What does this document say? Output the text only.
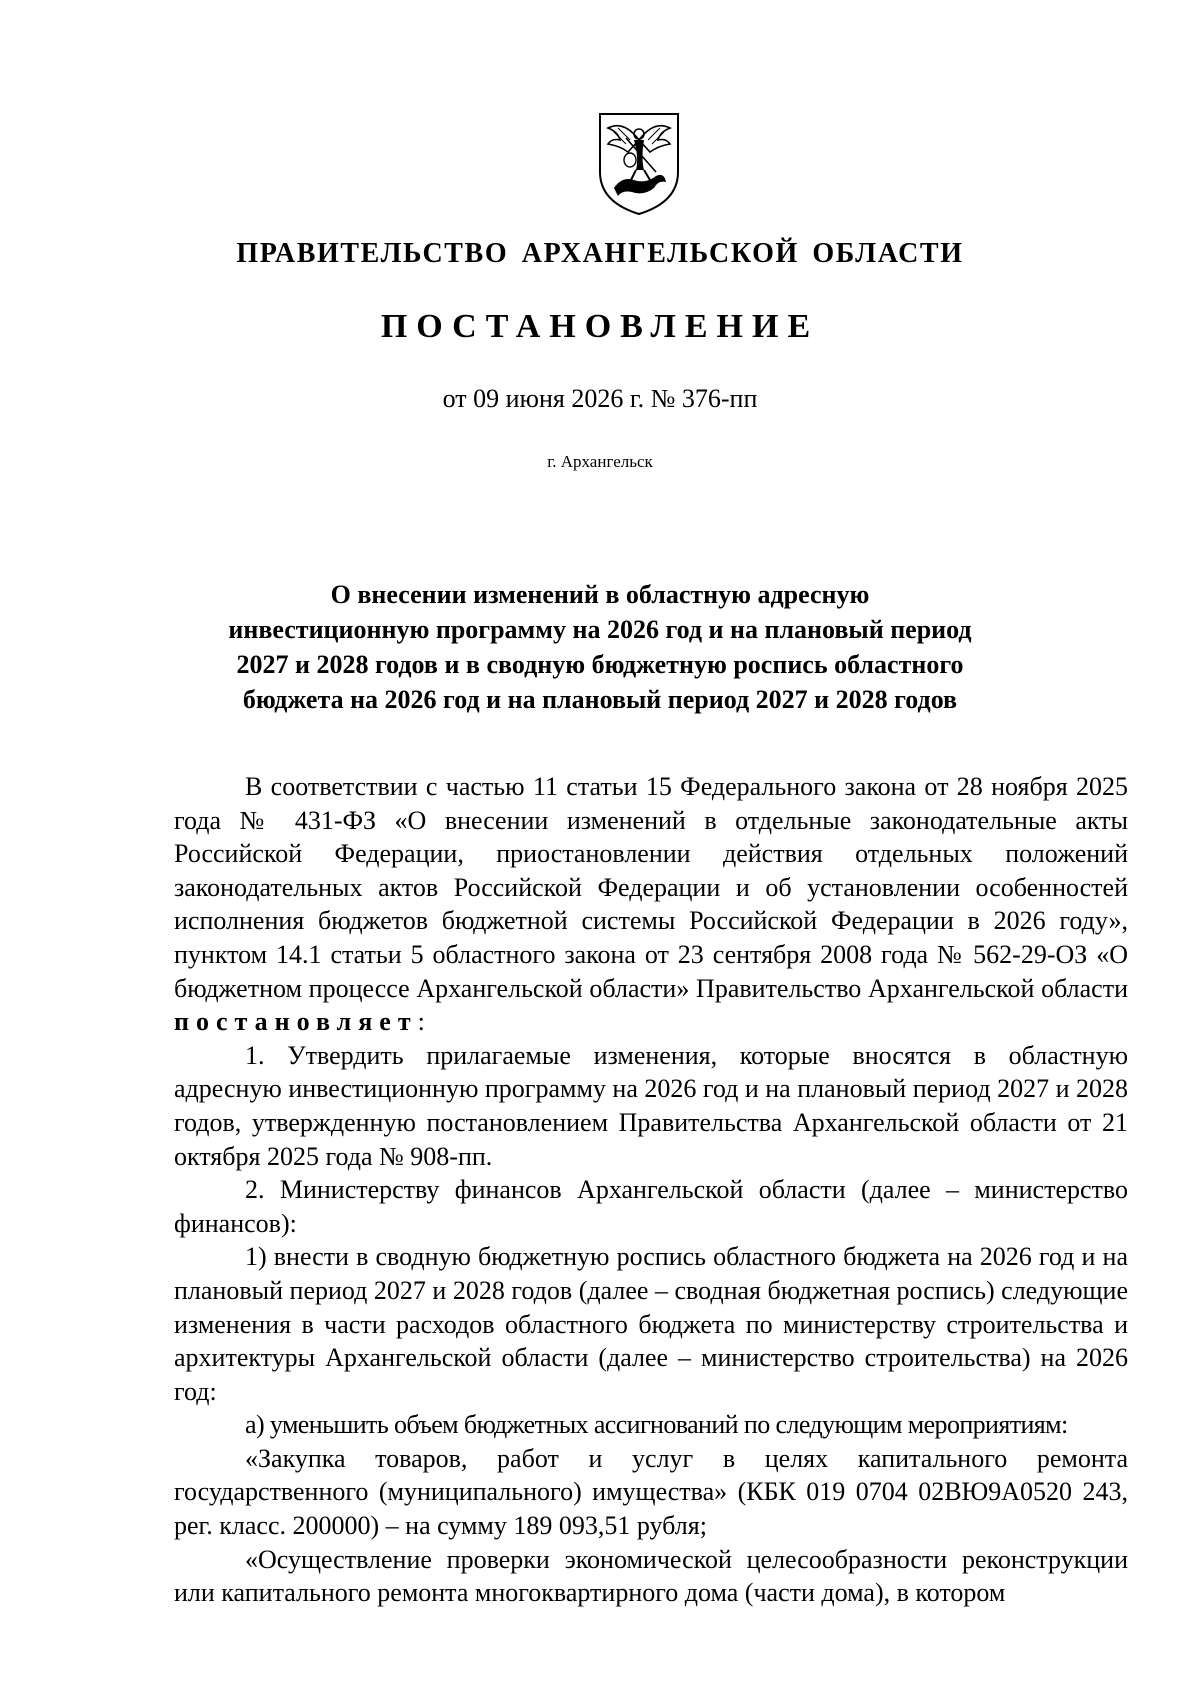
ПРАВИТЕЛЬСТВО АРХАНГЕЛЬСКОЙ ОБЛАСТИ
ПОСТАНОВЛЕНИЕ
от 09 июня 2026 г. № 376-пп
г. Архангельск
О внесении изменений в областную адресную
инвестиционную программу на 2026 год и на плановый период
2027 и 2028 годов и в сводную бюджетную роспись областного
бюджета на 2026 год и на плановый период 2027 и 2028 годов

В соответствии с частью 11 статьи 15 Федерального закона от 28 ноября 2025 года № 431-ФЗ «О внесении изменений в отдельные законодательные акты Российской Федерации, приостановлении действия отдельных положений законодательных актов Российской Федерации и об установлении особенностей исполнения бюджетов бюджетной системы Российской Федерации в 2026 году», пунктом 14.1 статьи 5 областного закона от 23 сентября 2008 года № 562-29-ОЗ «О бюджетном процессе Архангельской области» Правительство Архангельской области постановляет:

1. Утвердить прилагаемые изменения, которые вносятся в областную адресную инвестиционную программу на 2026 год и на плановый период 2027 и 2028 годов, утвержденную постановлением Правительства Архангельской области от 21 октября 2025 года № 908-пп.

2. Министерству финансов Архангельской области (далее – министерство финансов):

1) внести в сводную бюджетную роспись областного бюджета на 2026 год и на плановый период 2027 и 2028 годов (далее – сводная бюджетная роспись) следующие изменения в части расходов областного бюджета по министерству строительства и архитектуры Архангельской области (далее – министерство строительства) на 2026 год:

а) уменьшить объем бюджетных ассигнований по следующим мероприятиям:

«Закупка товаров, работ и услуг в целях капитального ремонта государственного (муниципального) имущества» (КБК 019 0704 02ВЮ9А0520 243, рег. класс. 200000) – на сумму 189 093,51 рубля;

«Осуществление проверки экономической целесообразности реконструкции или капитального ремонта многоквартирного дома (части дома), в котором
